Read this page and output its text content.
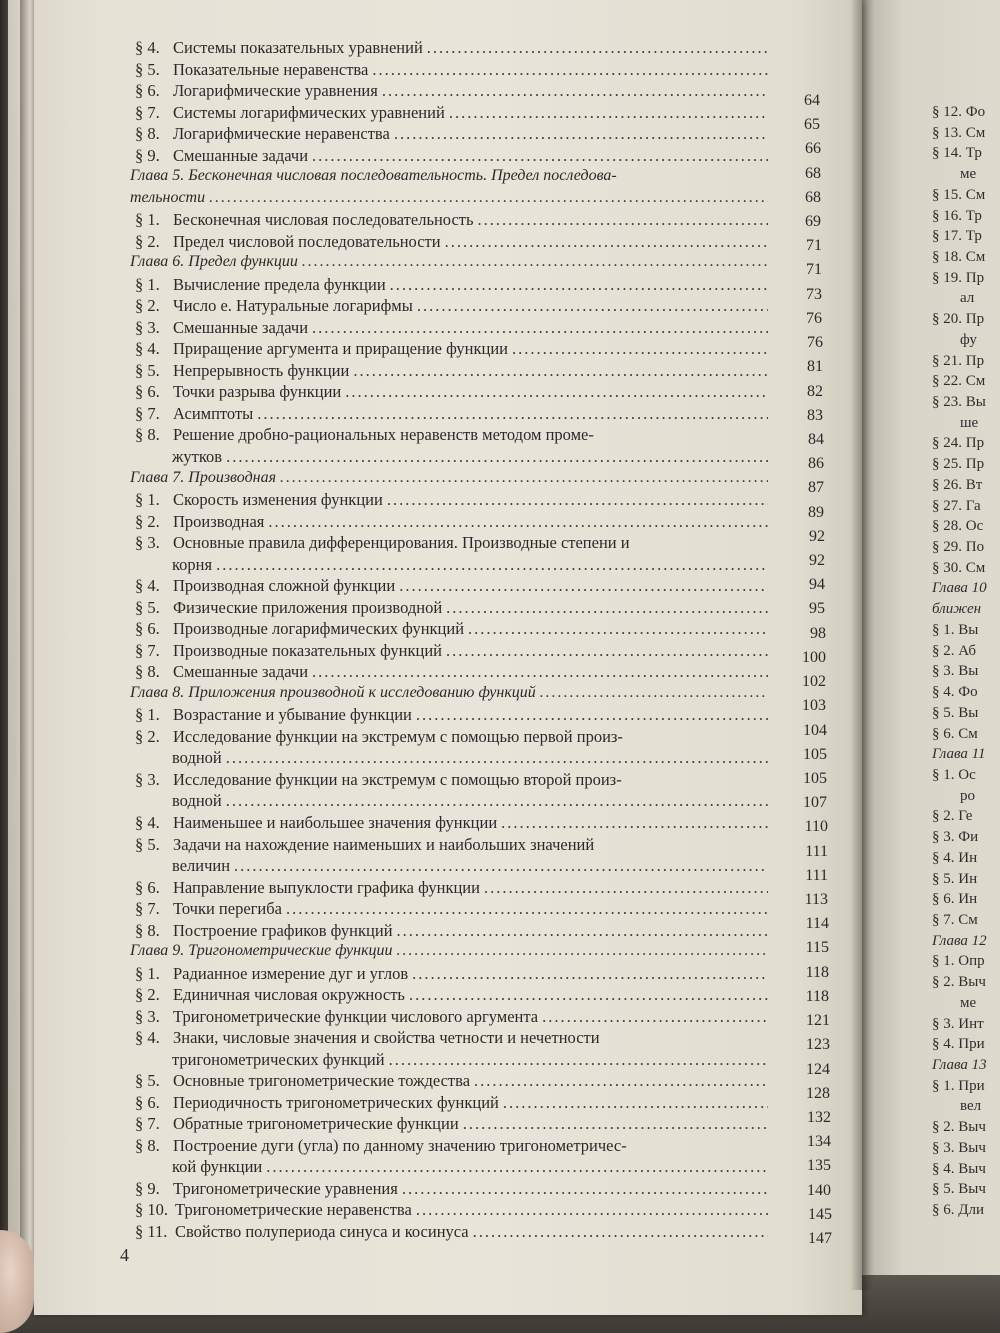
§ 4. Системы показательных уравнений
.....
§ 5. Показательные неравенства
.....
§ 6. Логарифмические уравнения
.....
§ 7. Системы логарифмических уравнений
.....
§ 8. Логарифмические неравенства
.....
§ 9. Смешанные задачи
.....
Глава 5. Бесконечная числовая последовательность. Предел последова-
тельности
.....
§ 1. Бесконечная числовая последовательность
.....
§ 2. Предел числовой последовательности
.....
Глава 6. Предел функции
.....
§ 1. Вычисление предела функции
.....
§ 2. Число e. Натуральные логарифмы
.....
§ 3. Смешанные задачи
.....
§ 4. Приращение аргумента и приращение функции
.....
§ 5. Непрерывность функции
.....
§ 6. Точки разрыва функции
.....
§ 7. Асимптоты
.....
§ 8. Решение дробно-рациональных неравенств методом проме-
жутков
.....
Глава 7. Производная
.....
§ 1. Скорость изменения функции
.....
§ 2. Производная
.....
§ 3. Основные правила дифференцирования. Производные степени и
корня
.....
§ 4. Производная сложной функции
.....
§ 5. Физические приложения производной
.....
§ 6. Производные логарифмических функций
.....
§ 7. Производные показательных функций
.....
§ 8. Смешанные задачи
.....
Глава 8. Приложения производной к исследованию функций
.....
§ 1. Возрастание и убывание функции
.....
§ 2. Исследование функции на экстремум с помощью первой произ-
водной
.....
§ 3. Исследование функции на экстремум с помощью второй произ-
водной
.....
§ 4. Наименьшее и наибольшее значения функции
.....
§ 5. Задачи на нахождение наименьших и наибольших значений
величин
.....
§ 6. Направление выпуклости графика функции
.....
§ 7. Точки перегиба
.....
§ 8. Построение графиков функций
.....
Глава 9. Тригонометрические функции
.....
§ 1. Радианное измерение дуг и углов
.....
§ 2. Единичная числовая окружность
.....
§ 3. Тригонометрические функции числового аргумента
.....
§ 4. Знаки, числовые значения и свойства четности и нечетности
тригонометрических функций
.....
§ 5. Основные тригонометрические тождества
.....
§ 6. Периодичность тригонометрических функций
.....
§ 7. Обратные тригонометрические функции
.....
§ 8. Построение дуги (угла) по данному значению тригонометричес-
кой функции
.....
§ 9. Тригонометрические уравнения
.....
§ 10. Тригонометрические неравенства
.....
§ 11. Свойство полупериода синуса и косинуса
.....
64
65
66
68
68
69
71
71
73
76
76
81
82
83
84
86
87
89
92
92
94
95
98
100
102
103
104
105
105
107
110
111
111
113
114
115
118
118
121
123
124
128
132
134
135
140
145
147
§ 12. Фо
§ 13. См
§ 14. Тр
ме
§ 15. См
§ 16. Тр
§ 17. Тр
§ 18. См
§ 19. Пр
ал
§ 20. Пр
фу
§ 21. Пр
§ 22. См
§ 23. Вы
ше
§ 24. Пр
§ 25. Пр
§ 26. Вт
§ 27. Га
§ 28. Ос
§ 29. По
§ 30. См
Глава 10
ближен
§ 1. Вы
§ 2. Аб
§ 3. Вы
§ 4. Фо
§ 5. Вы
§ 6. См
Глава 11
§ 1. Ос
ро
§ 2. Ге
§ 3. Фи
§ 4. Ин
§ 5. Ин
§ 6. Ин
§ 7. См
Глава 12
§ 1. Опр
§ 2. Выч
ме
§ 3. Инт
§ 4. При
Глава 13
§ 1. При
вел
§ 2. Выч
§ 3. Выч
§ 4. Выч
§ 5. Выч
§ 6. Дли
4
